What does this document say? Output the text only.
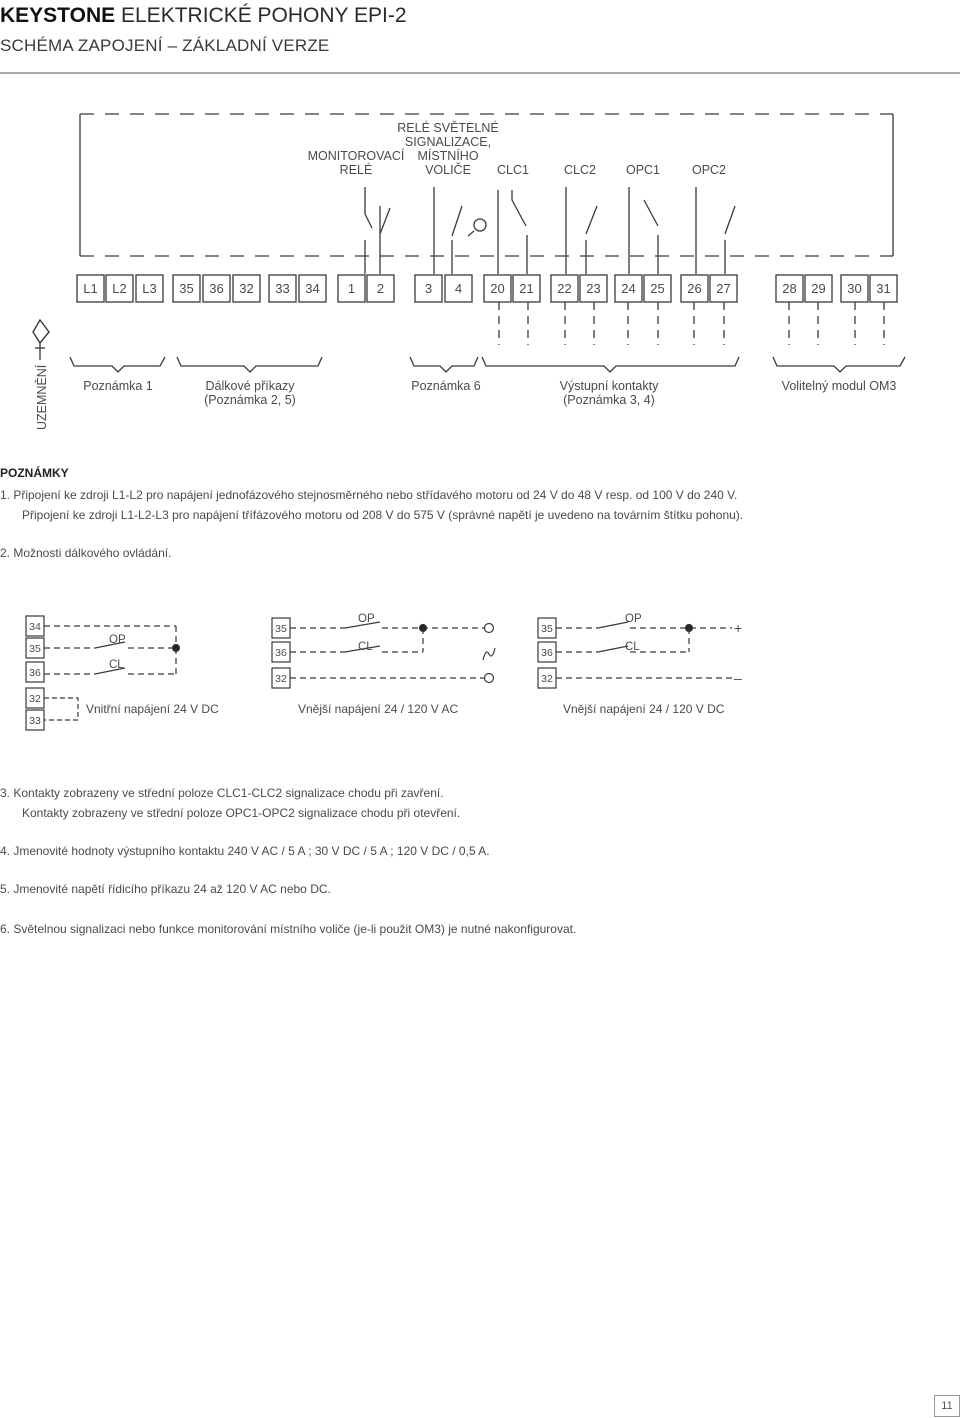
KEYSTONE ELEKTRICKÉ POHONY EPI-2
SCHÉMA ZAPOJENÍ – ZÁKLADNÍ VERZE
MONITOROVACÍ
RELÉ
RELÉ SVĚTELNÉ
SIGNALIZACE,
MÍSTNÍHO
VOLIČE CLC1	CLC2 OPC1	OPC2
L1 L2 L3 35 36 32 33 34 1 2	3 4 20 21 22 23 24 25 26 27	28 29 30 31
UZEMNĚNÍ	Poznámka 1	Dálkové příkazy
(Poznámka 2, 5)
Poznámka 6	Výstupní kontakty
(Poznámka 3, 4)
Volitelný modul OM3
POZNÁMKY
1. Připojení ke zdroji L1-L2 pro napájení jednofázového stejnosměrného nebo střídavého motoru od 24 V do 48 V resp. od 100 V do 240 V.
Připojení ke zdroji L1-L2-L3 pro napájení třífázového motoru od 208 V do 575 V (správné napětí je uvedeno na továrním štítku pohonu).
2. Možnosti dálkového ovládání.
34
35
36
32
33
OP
CL
Vnitřní napájení 24 V DC
35
36
32
OP
CL
Vnější napájení 24 / 120 V AC
35
36
32
OP
CL
+
–
Vnější napájení 24 / 120 V DC
3. Kontakty zobrazeny ve střední poloze CLC1-CLC2 signalizace chodu při zavření.
Kontakty zobrazeny ve střední poloze OPC1-OPC2 signalizace chodu při otevření.
4. Jmenovité hodnoty výstupního kontaktu 240 V AC / 5 A ; 30 V DC / 5 A ; 120 V DC / 0,5 A.
5. Jmenovité napětí řídicího příkazu 24 až 120 V AC nebo DC.
6. Světelnou signalizaci nebo funkce monitorování místního voliče (je-li použit OM3) je nutné nakonfigurovat.
11
